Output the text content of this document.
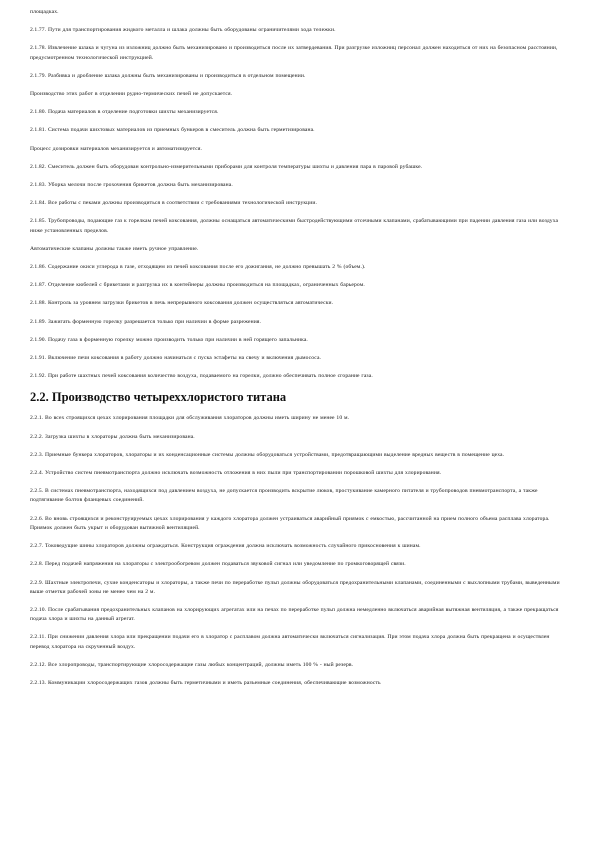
площадках.

2.1.77. Пути для транспортирования жидкого металла и шлака должны быть оборудованы ограничителями хода тележки.

2.1.78. Извлечение шлака и чугуна из изложниц должно быть механизировано и производиться после их затвердевания. При разгрузке изложниц персонал должен находиться от них на безопасном расстоянии, предусмотренном технологической инструкцией.

2.1.79. Разбивка и дробление шлака должны быть механизированы и производиться в отдельном помещении.

Производство этих работ в отделении рудно-термических печей не допускается.

2.1.80. Подача материалов в отделение подготовки шихты механизируется.

2.1.81. Система подачи шихтовых материалов из приемных бункеров в смеситель должна быть герметизирована.

Процесс дозировки материалов механизируется и автоматизируется.

2.1.82. Смеситель должен быть оборудован контрольно-измерительными приборами для контроля температуры шихты и давления пара в паровой рубашке.

2.1.83. Уборка мелочи после грохочения брикетов должна быть механизирована.

2.1.84. Все работы с пеками должны производиться в соответствии с требованиями технологической инструкции.

2.1.85. Трубопроводы, подающие газ к горелкам печей коксования, должны оснащаться автоматическими быстродействующими отсечными клапанами, срабатывающими при падении давления газа или воздуха ниже установленных пределов.

Автоматические клапаны должны также иметь ручное управление.

2.1.86. Содержание окиси углерода в газе, отходящем из печей коксования после его дожигания, не должно превышать 2 % (объем.).

2.1.87. Отделение кюбелей с брикетами и разгрузка их в контейнеры должны производиться на площадках, ограниченных барьером.

2.1.88. Контроль за уровнем загрузки брикетов в печь непрерывного коксования должен осуществляться автоматически.

2.1.89. Зажигать форменную горелку разрешается только при наличии в форме разрежения.

2.1.90. Подачу газа в форменную горелку можно производить только при наличии в ней горящего запальника.

2.1.91. Включение печи коксования в работу должно начинаться с пуска эстафеты на свечу и включения дымососа.

2.1.92. При работе шахтных печей коксования количество воздуха, подаваемого на горелки, должно обеспечивать полное сгорание газа.

2.2. Производство четыреххлористого титана

2.2.1. Во всех строящихся цехах хлорирования площадки для обслуживания хлораторов должны иметь ширину не менее 10 м.

2.2.2. Загрузка шихты в хлораторы должна быть механизирована.

2.2.3. Приемные бункера хлораторов, хлораторы и их конденсационные системы должны оборудоваться устройствами, предотвращающими выделение вредных веществ в помещение цеха.

2.2.4. Устройство систем пневмотранспорта должно исключать возможность отложения в них пыли при транспортировании порошковой шихты для хлорирования.

2.2.5. В системах пневмотранспорта, находящихся под давлением воздуха, не допускается производить вскрытие люков, простукивание камерного питателя и трубопроводов пневмотранспорта, а также подтягивание болтов фланцевых соединений.

2.2.6. Во вновь строящихся и реконструируемых цехах хлорирования у каждого хлоратора должен устраиваться аварийный приямок с емкостью, рассчитанной на прием полного объема расплава хлоратора. Приямок должен быть укрыт и оборудован вытяжной вентиляцией.

2.2.7. Токоведущие шины хлораторов должны ограждаться. Конструкция ограждения должна исключать возможность случайного прикосновения к шинам.

2.2.8. Перед подачей напряжения на хлораторы с электрообогревом должен подаваться звуковой сигнал или уведомление по громкоговорящей связи.

2.2.9. Шахтные электропечи, сухие конденсаторы и хлораторы, а также печи по переработке пульп должны оборудоваться предохранительными клапанами, соединенными с выхлопными трубами, выведенными выше отметки рабочей зоны не менее чем на 2 м.

2.2.10. После срабатывания предохранительных клапанов на хлорирующих агрегатах или на печах по переработке пульп должна немедленно включаться аварийная вытяжная вентиляция, а также прекращаться подача хлора и шихты на данный агрегат.

2.2.11. При снижении давления хлора или прекращении подачи его в хлоратор с расплавом должна автоматически включаться сигнализация. При этом подача хлора должна быть прекращена и осуществлен перевод хлоратора на скрученный воздух.

2.2.12. Все хлоропроводы, транспортирующие хлоросодержащие газы любых концентраций, должны иметь 100 % - ный резерв.

2.2.13. Коммуникации хлоросодержащих газов должны быть герметичными и иметь разъемные соединения, обеспечивающие возможность
